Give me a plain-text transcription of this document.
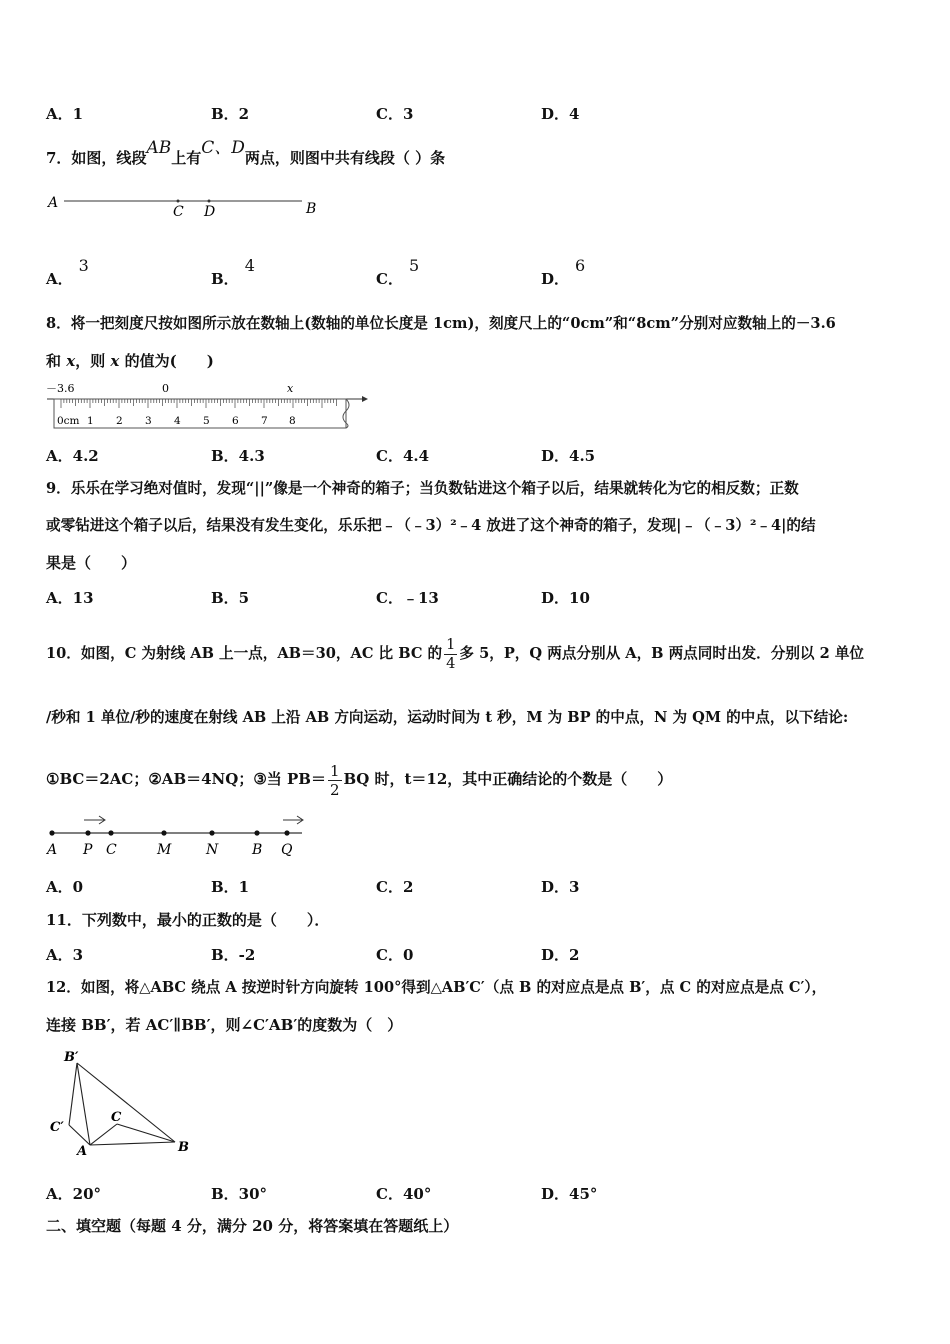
A．1	B．2	C．3	D．4
7．如图，线段AB上有C、D两点，则图中共有线段（ ）条
A
C D	B
A．3
B．4
C．5
D．6
8．将一把刻度尺按如图所示放在数轴上(数轴的单位长度是 1cm)，刻度尺上的“0cm”和“8cm”分别对应数轴上的－3.6
和 x，则 x 的值为(　　)
－3.6	0	x
0cm 1 2 3 4 5 6 7 8
A．4.2	B．4.3	C．4.4	D．4.5
9．乐乐在学习绝对值时，发现“||”像是一个神奇的箱子；当负数钻进这个箱子以后，结果就转化为它的相反数；正数
或零钻进这个箱子以后，结果没有发生变化，乐乐把﹣（﹣3）²﹣4 放进了这个神奇的箱子，发现|﹣（﹣3）²﹣4|的结
果是（　　）
A．13	B．5	C．﹣13	D．10
10．如图，C 为射线 AB 上一点，AB＝30，AC 比 BC 的 $\frac{1}{4}$ 多 5，P，Q 两点分别从 A，B 两点同时出发．分别以 2 单位
/秒和 1 单位/秒的速度在射线 AB 上沿 AB 方向运动，运动时间为 t 秒，M 为 BP 的中点，N 为 QM 的中点，以下结论:
①BC＝2AC；②AB＝4NQ；③当 $PB= \frac{1}{2}$ BQ 时，t＝12，其中正确结论的个数是（　　）
A P C	M N B Q
A．0	B．1	C．2	D．3
11．下列数中，最小的正数的是（　　）．
A．3	B．-2	C．0	D．2
12．如图，将△ABC 绕点 A 按逆时针方向旋转 100°得到△AB′C′（点 B 的对应点是点 B′，点 C 的对应点是点 C′），
连接 BB′，若 AC′∥BB′，则∠C′AB′的度数为（　）
B′
C′
C
A	B
A．20°	B．30°	C．40°	D．45°
二、填空题（每题 4 分，满分 20 分，将答案填在答题纸上）
